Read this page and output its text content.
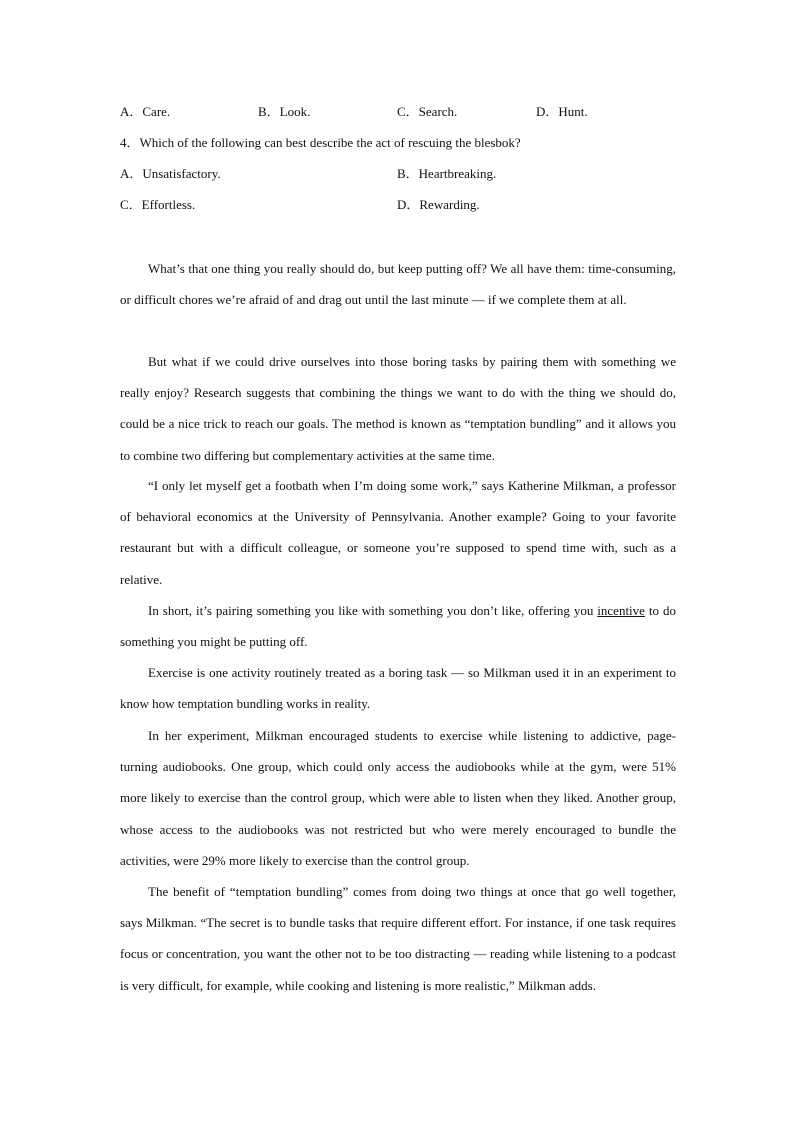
A．Care.	B．Look.	C．Search.	D．Hunt.
4．Which of the following can best describe the act of rescuing the blesbok?
A．Unsatisfactory.	B．Heartbreaking.
C．Effortless.	D．Rewarding.

What’s that one thing you really should do, but keep putting off? We all have them: time-consuming, or difficult chores we’re afraid of and drag out until the last minute — if we complete them at all.

But what if we could drive ourselves into those boring tasks by pairing them with something we really enjoy? Research suggests that combining the things we want to do with the thing we should do, could be a nice trick to reach our goals. The method is known as “temptation bundling” and it allows you to combine two differing but complementary activities at the same time.

“I only let myself get a footbath when I’m doing some work,” says Katherine Milkman, a professor of behavioral economics at the University of Pennsylvania. Another example? Going to your favorite restaurant but with a difficult colleague, or someone you’re supposed to spend time with, such as a relative.

In short, it’s pairing something you like with something you don’t like, offering you incentive to do something you might be putting off.

Exercise is one activity routinely treated as a boring task — so Milkman used it in an experiment to know how temptation bundling works in reality.

In her experiment, Milkman encouraged students to exercise while listening to addictive, page-turning audiobooks. One group, which could only access the audiobooks while at the gym, were 51% more likely to exercise than the control group, which were able to listen when they liked. Another group, whose access to the audiobooks was not restricted but who were merely encouraged to bundle the activities, were 29% more likely to exercise than the control group.

The benefit of “temptation bundling” comes from doing two things at once that go well together, says Milkman. “The secret is to bundle tasks that require different effort. For instance, if one task requires focus or concentration, you want the other not to be too distracting — reading while listening to a podcast is very difficult, for example, while cooking and listening is more realistic,” Milkman adds.
